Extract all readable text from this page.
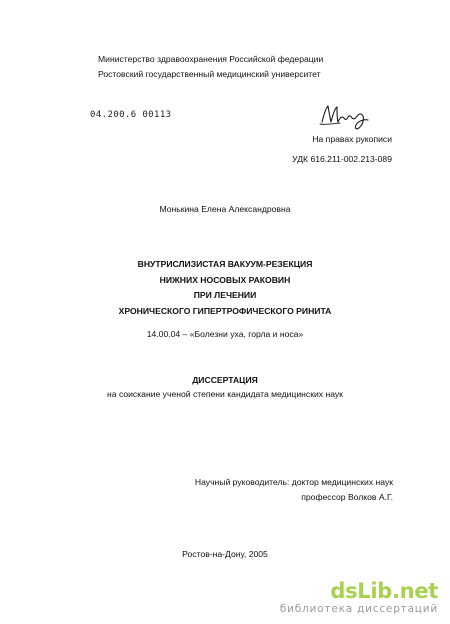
Министерство здравоохранения Российской федерации
Ростовский государственный медицинский университет
04.200.6 00113
На правах рукописи
УДК 616.211-002.213-089
Монькина Елена Александровна
ВНУТРИСЛИЗИСТАЯ ВАКУУМ-РЕЗЕКЦИЯ
НИЖНИХ НОСОВЫХ РАКОВИН
ПРИ ЛЕЧЕНИИ
ХРОНИЧЕСКОГО ГИПЕРТРОФИЧЕСКОГО РИНИТА
14.00.04 – «Болезни уха, горла и носа»
ДИССЕРТАЦИЯ
на соискание ученой степени кандидата медицинских наук
Научный руководитель: доктор медицинских наук
профессор Волков А.Г.
Ростов-на-Дону, 2005
dsLib.net
библиотека диссертаций
